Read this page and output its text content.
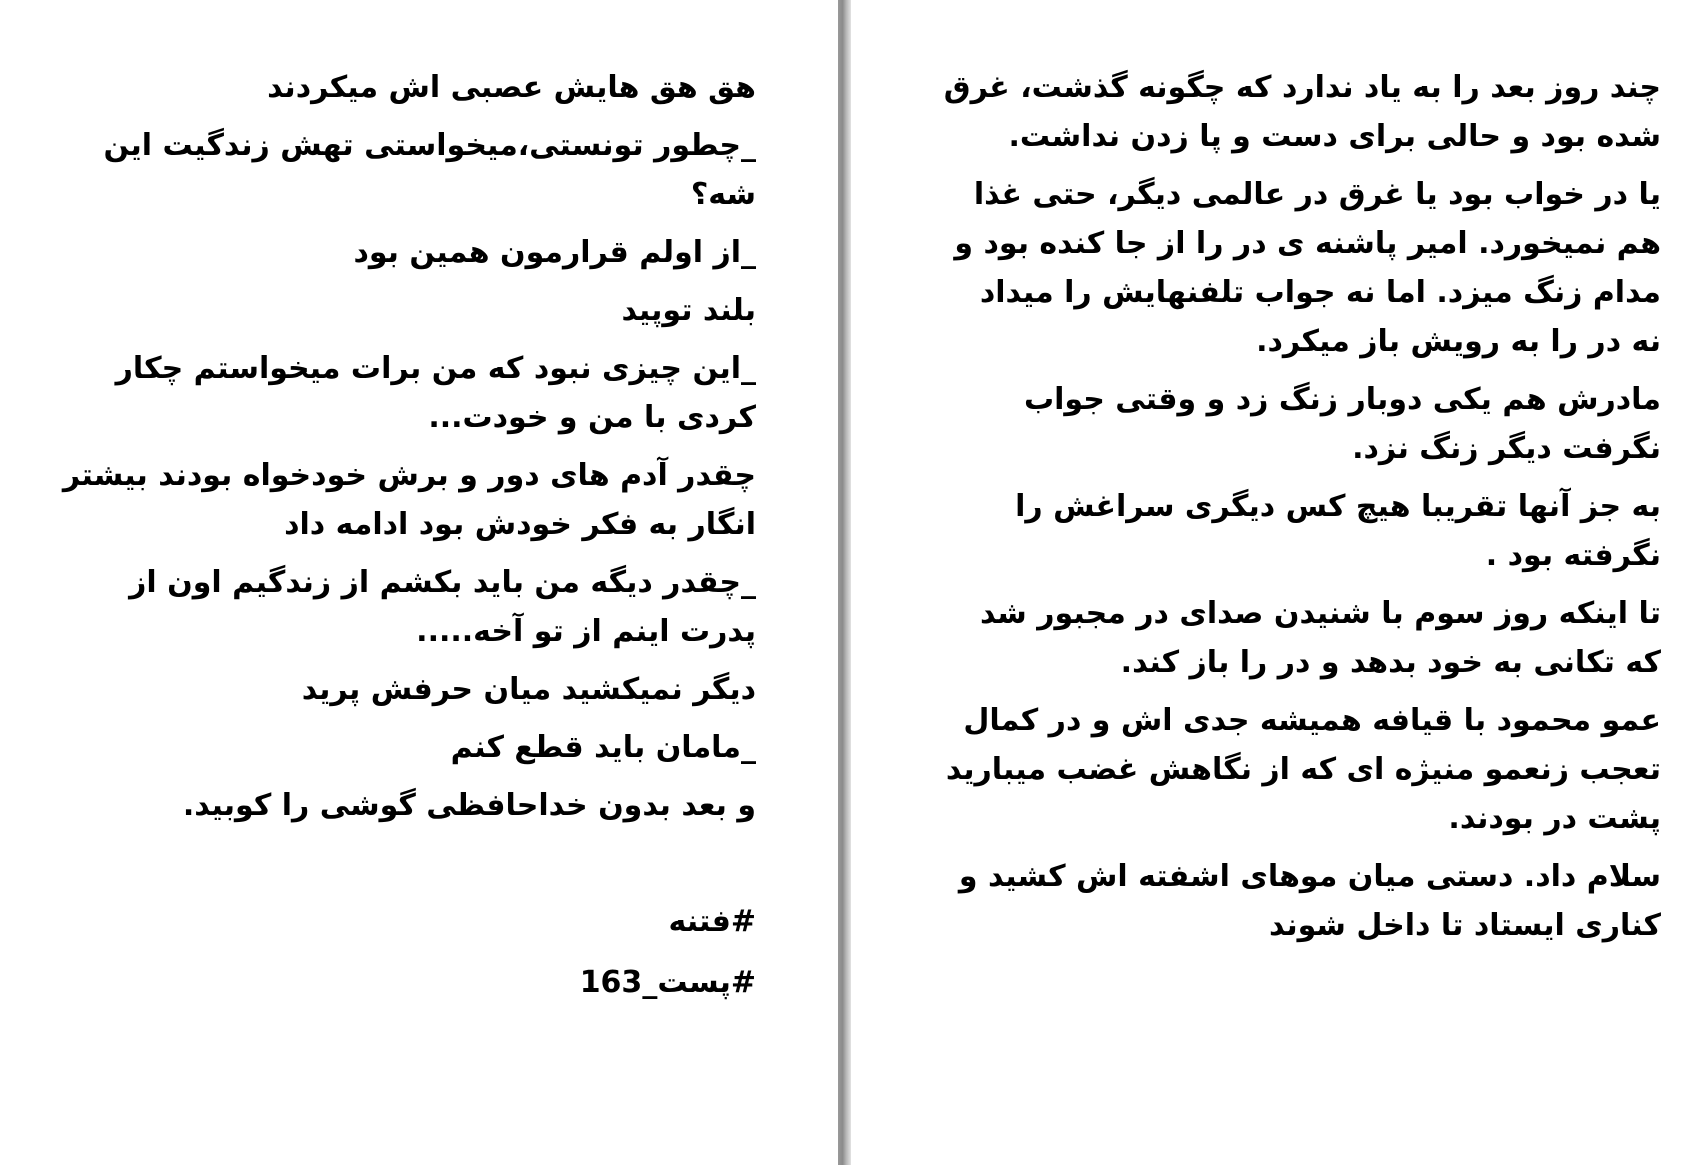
هق هق هایش عصبی اش میکردند

_چطور تونستی،میخواستی تهش زندگیت این شه؟

_از اولم قرارمون همین بود

بلند توپید

_این چیزی نبود که من برات میخواستم چکار کردی با من و خودت...

چقدر آدم های دور و برش خودخواه بودند بیشتر انگار به فکر خودش بود ادامه داد

_چقدر دیگه من باید بکشم از زندگیم اون از پدرت اینم از تو آخه.....

دیگر نمیکشید میان حرفش پرید

_مامان باید قطع کنم

و بعد بدون خداحافظی گوشی را کوبید.

#فتنه

#پست_163

چند روز بعد را به یاد ندارد که چگونه گذشت، غرق شده بود و حالی برای دست و پا زدن نداشت.

یا در خواب بود یا غرق در عالمی دیگر، حتی غذا هم نمیخورد. امیر پاشنه ی در را از جا کنده بود و مدام زنگ میزد. اما نه جواب تلفنهایش را میداد نه در را به رویش باز میکرد.

مادرش هم یکی دوبار زنگ زد و وقتی جواب نگرفت دیگر زنگ نزد.

به جز آنها تقریبا هیچ کس دیگری سراغش را نگرفته بود .

تا اینکه روز سوم با شنیدن صدای در مجبور شد که تکانی به خود بدهد و در را باز کند.

عمو محمود با قیافه همیشه جدی اش و در کمال تعجب زنعمو منیژه ای که از نگاهش غضب میبارید پشت در بودند.

سلام داد. دستی میان موهای اشفته اش کشید و کناری ایستاد تا داخل شوند
